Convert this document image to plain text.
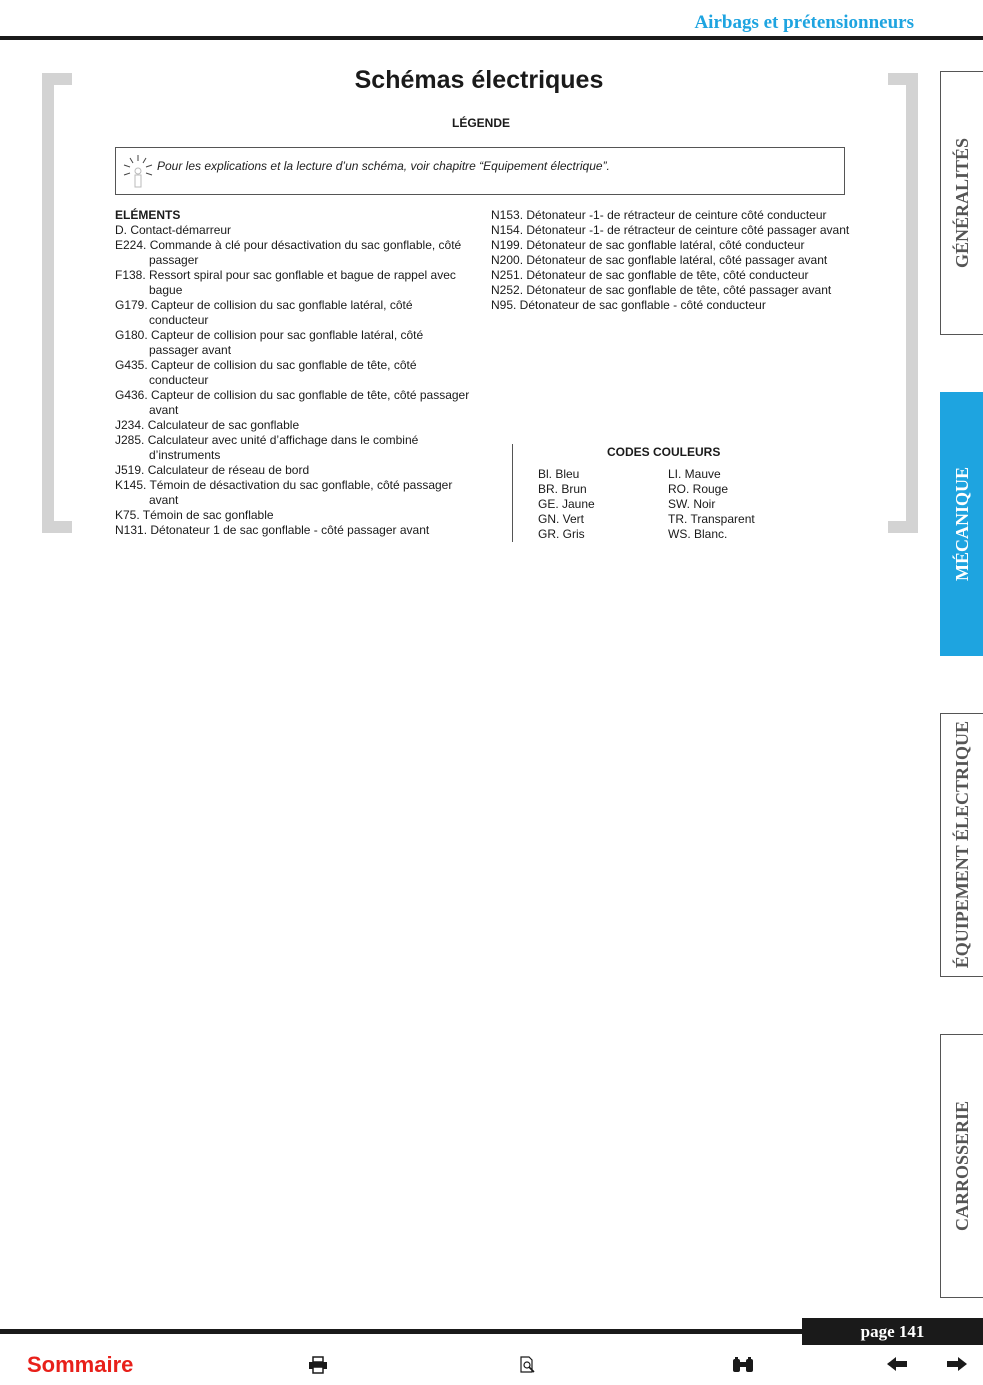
Airbags et prétensionneurs
Schémas électriques
LÉGENDE
Pour les explications et la lecture d’un schéma, voir chapitre “Equipement électrique”.
ELÉMENTS
D. Contact-démarreur
E224. Commande à clé pour désactivation du sac gonflable, côté passager
F138. Ressort spiral pour sac gonflable et bague de rappel avec bague
G179. Capteur de collision du sac gonflable latéral, côté conducteur
G180. Capteur de collision pour sac gonflable latéral, côté passager avant
G435. Capteur de collision du sac gonflable de tête, côté conducteur
G436. Capteur de collision du sac gonflable de tête, côté passager avant
J234. Calculateur de sac gonflable
J285. Calculateur avec unité d’affichage dans le combiné d’instruments
J519. Calculateur de réseau de bord
K145. Témoin de désactivation du sac gonflable, côté passager avant
K75. Témoin de sac gonflable
N131. Détonateur 1 de sac gonflable - côté passager avant
N153. Détonateur -1- de rétracteur de ceinture côté conducteur
N154. Détonateur -1- de rétracteur de ceinture côté passager avant
N199. Détonateur de sac gonflable latéral, côté conducteur
N200. Détonateur de sac gonflable latéral, côté passager avant
N251. Détonateur de sac gonflable de tête, côté conducteur
N252. Détonateur de sac gonflable de tête, côté passager avant
N95. Détonateur de sac gonflable - côté conducteur
CODES COULEURS
Bl. Bleu
BR. Brun
GE. Jaune
GN. Vert
GR. Gris
LI. Mauve
RO. Rouge
SW. Noir
TR. Transparent
WS. Blanc.
GÉNÉRALITÉS
MÉCANIQUE
ÉQUIPEMENT ÉLECTRIQUE
CARROSSERIE
page 141
Sommaire
